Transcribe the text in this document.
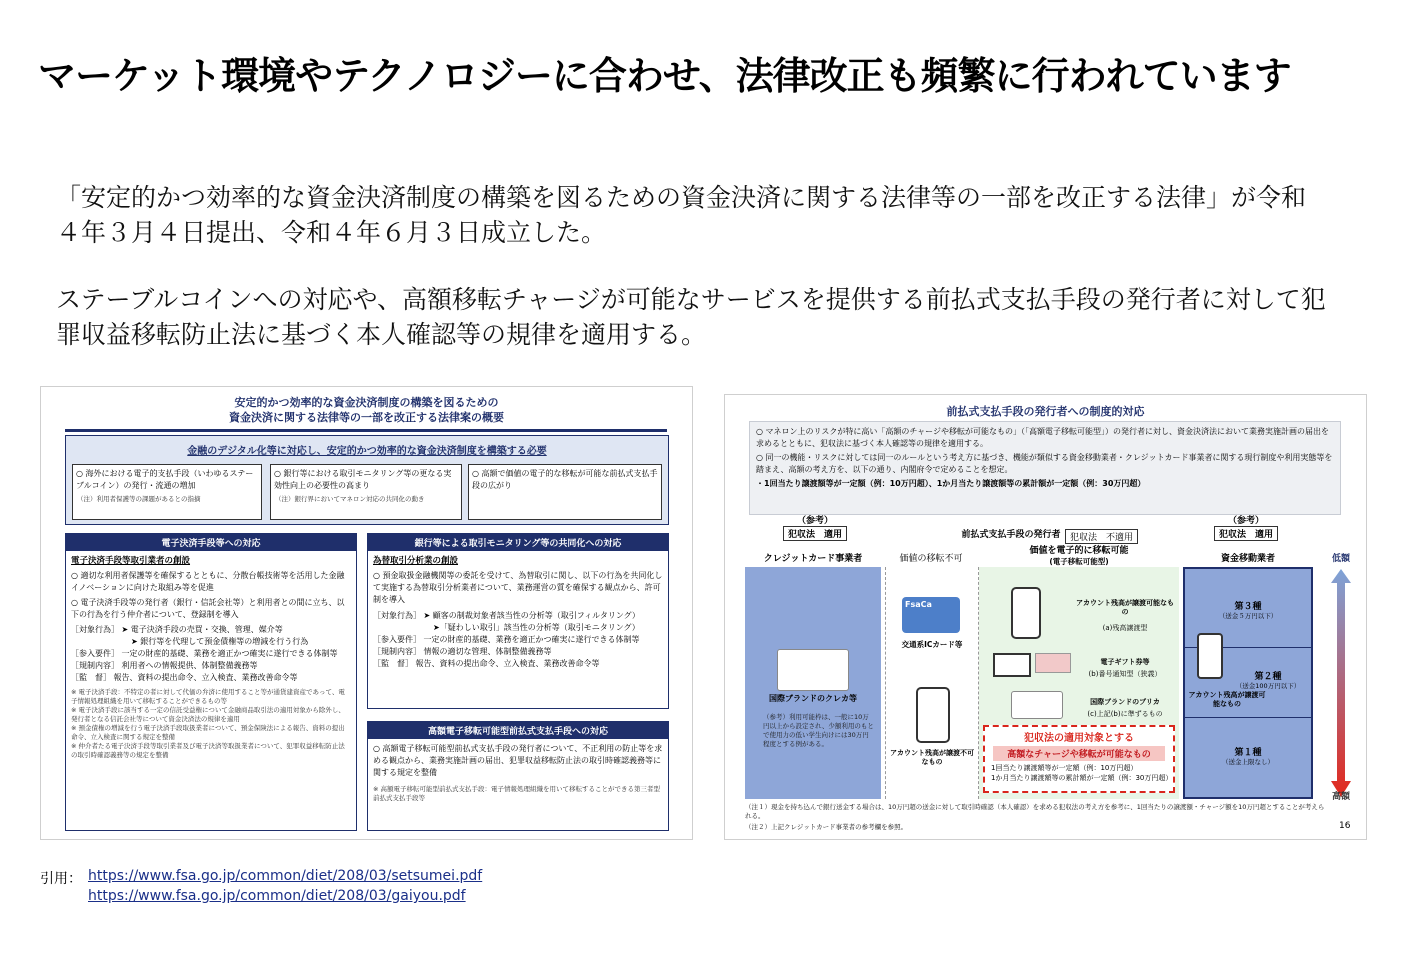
マーケット環境やテクノロジーに合わせ、法律改正も頻繁に行われています
「安定的かつ効率的な資金決済制度の構築を図るための資金決済に関する法律等の一部を改正する法律」が令和４年３月４日提出、令和４年６月３日成立した。
ステーブルコインへの対応や、高額移転チャージが可能なサービスを提供する前払式支払手段の発行者に対して犯罪収益移転防止法に基づく本人確認等の規律を適用する。
安定的かつ効率的な資金決済制度の構築を図るための
資金決済に関する法律等の一部を改正する法律案の概要
金融のデジタル化等に対応し、安定的かつ効率的な資金決済制度を構築する必要
○ 海外における電子的支払手段（いわゆるステーブルコイン）の発行・流通の増加
（注）利用者保護等の課題があるとの指摘
○ 銀行等における取引モニタリング等の更なる実効性向上の必要性の高まり
（注）銀行界においてマネロン対応の共同化の動き
○ 高額で価値の電子的な移転が可能な前払式支払手段の広がり
電子決済手段等への対応
電子決済手段等取引業者の創設
○ 適切な利用者保護等を確保するとともに、分散台帳技術等を活用した金融イノベーションに向けた取組み等を促進
○ 電子決済手段等の発行者（銀行・信託会社等）と利用者との間に立ち、以下の行為を行う仲介者について、登録制を導入
［対象行為］ ➤ 電子決済手段の売買・交換、管理、媒介等
➤ 銀行等を代理して預金債権等の増減を行う行為
［参入要件］ 一定の財産的基礎、業務を適正かつ確実に遂行できる体制等
［規制内容］ 利用者への情報提供、体制整備義務等
［監　督］ 報告、資料の提出命令、立入検査、業務改善命令等
※ 電子決済手段：不特定の者に対して代価の弁済に使用すること等が通貨建資産であって、電子情報処理組織を用いて移転することができるもの等
※ 電子決済手段に該当する一定の信託受益権について金融商品取引法の適用対象から除外し、発行者となる信託会社等について資金決済法の規律を適用
※ 預金債権の増減を行う電子決済手段取扱業者について、預金保険法による報告、資料の提出命令、立入検査に関する規定を整備
※ 仲介者たる電子決済手段等取引業者及び電子決済等取扱業者について、犯罪収益移転防止法の取引時確認義務等の規定を整備
銀行等による取引モニタリング等の共同化への対応
為替取引分析業の創設
○ 預金取扱金融機関等の委託を受けて、為替取引に関し、以下の行為を共同化して実施する為替取引分析業者について、業務運営の質を確保する観点から、許可制を導入
［対象行為］ ➤ 顧客の制裁対象者該当性の分析等（取引フィルタリング）
➤「疑わしい取引」該当性の分析等（取引モニタリング）
［参入要件］ 一定の財産的基礎、業務を適正かつ確実に遂行できる体制等
［規制内容］ 情報の適切な管理、体制整備義務等
［監　督］ 報告、資料の提出命令、立入検査、業務改善命令等
高額電子移転可能型前払式支払手段への対応
○ 高額電子移転可能型前払式支払手段の発行者について、不正利用の防止等を求める観点から、業務実施計画の届出、犯罪収益移転防止法の取引時確認義務等に関する規定を整備
※ 高額電子移転可能型前払式支払手段：電子情報処理組織を用いて移転することができる第三者型前払式支払手段等
前払式支払手段の発行者への制度的対応
○ マネロン上のリスクが特に高い「高額のチャージや移転が可能なもの」（「高額電子移転可能型」）の発行者に対し、資金決済法において業務実施計画の届出を求めるとともに、犯収法に基づく本人確認等の規律を適用する。
○ 同一の機能・リスクに対しては同一のルールという考え方に基づき、機能が類似する資金移動業者・クレジットカード事業者に関する現行制度や利用実態等を踏まえ、高額の考え方を、以下の通り、内閣府令で定めることを想定。
・1回当たり譲渡額等が一定額（例：10万円超）、1か月当たり譲渡額等の累計額が一定額（例：30万円超）
（参考）
犯収法　適用	前払式支払手段の発行者	犯収法　不適用
（参考）
犯収法　適用
クレジットカード事業者	価値の移転不可
価値を電子的に移転可能
(電子移転可能型)	資金移動業者	低額
国際ブランドのクレカ等
（参考）利用可能枠は、一般に10万円以上から設定され、少額利用のもとで使用力の低い学生向けには30万円程度とする例がある。
FsaCa
交通系ICカード等
アカウント残高が譲渡不可なもの
アカウント残高が譲渡可能なもの
(a)残高譲渡型
電子ギフト券等
(b)番号通知型（狭義）
国際ブランドのプリカ
(c)上記(b)に準ずるもの
犯収法の適用対象とする
高額なチャージや移転が可能なもの
1回当たり譲渡額等が一定額（例：10万円超）
1か月当たり譲渡額等の累計額が一定額（例：30万円超）
第３種
（送金５万円以下）
第２種
（送金100万円以下）
アカウント残高が譲渡可能なもの
第１種
（送金上限なし）
高額
（注１）現金を持ち込んで銀行送金する場合は、10万円超の送金に対して取引時確認（本人確認）を求める犯収法の考え方を参考に、1回当たりの譲渡額・チャージ額を10万円超とすることが考えられる。
（注２）上記クレジットカード事業者の参考欄を参照。	16
引用： https://www.fsa.go.jp/common/diet/208/03/setsumei.pdf
https://www.fsa.go.jp/common/diet/208/03/gaiyou.pdf
